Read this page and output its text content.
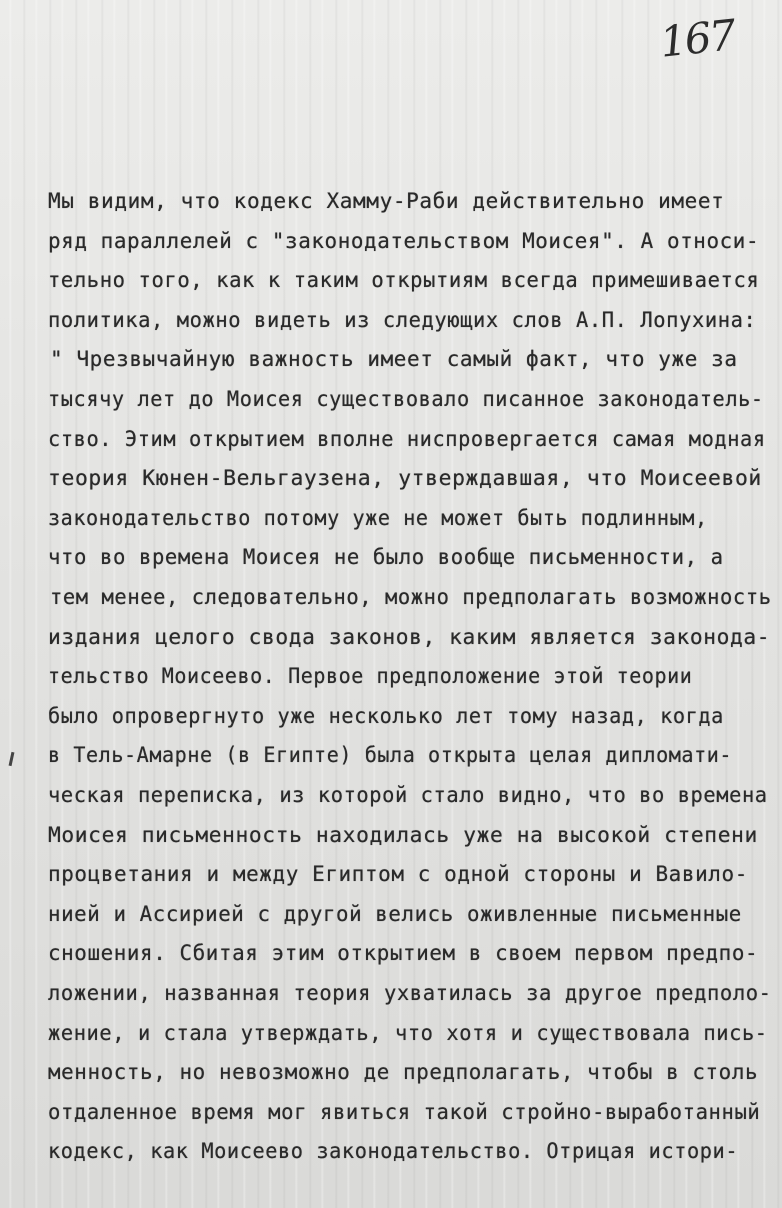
167
Мы видим, что кодекс Хамму-Раби действительно имеет
ряд параллелей с "законодательством Моисея". А относи-
тельно того, как к таким открытиям всегда примешивается
политика, можно видеть из следующих слов А.П. Лопухина:
" Чрезвычайную важность имеет самый факт, что уже за
тысячу лет до Моисея существовало писанное законодатель-
ство. Этим открытием вполне ниспровергается самая модная
теория Кюнен-Вельгаузена, утверждавшая, что Моисеевой
законодательство потому уже не может быть подлинным,
что во времена Моисея не было вообще письменности, а
тем менее, следовательно, можно предполагать возможность
издания целого свода законов, каким является законода-
тельство Моисеево. Первое предположение этой теории
было опровергнуто уже несколько лет тому назад, когда
в Тель-Амарне (в Египте) была открыта целая дипломати-
ческая переписка, из которой стало видно, что во времена
Моисея письменность находилась уже на высокой степени
процветания и между Египтом с одной стороны и Вавило-
нией и Ассирией с другой велись оживленные письменные
сношения. Сбитая этим открытием в своем первом предпо-
ложении, названная теория ухватилась за другое предполо-
жение, и стала утверждать, что хотя и существовала пись-
менность, но невозможно де предполагать, чтобы в столь
отдаленное время мог явиться такой стройно-выработанный
кодекс, как Моисеево законодательство. Отрицая истори-
